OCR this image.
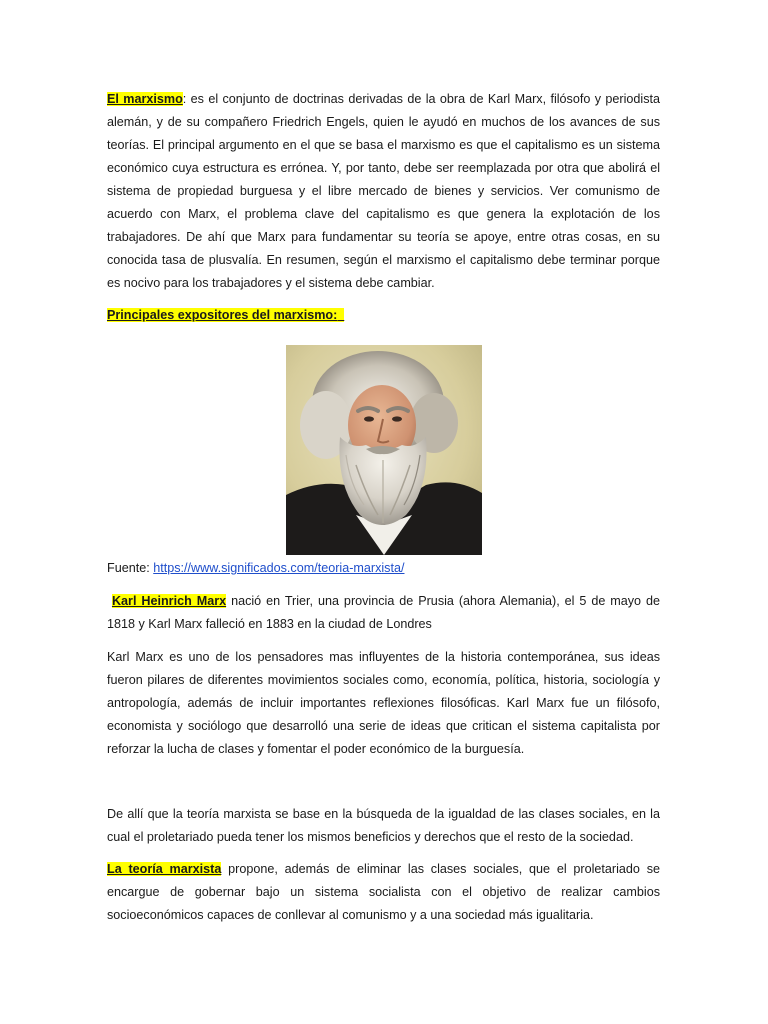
El marxismo: es el conjunto de doctrinas derivadas de la obra de Karl Marx, filósofo y periodista alemán, y de su compañero Friedrich Engels, quien le ayudó en muchos de los avances de sus teorías. El principal argumento en el que se basa el marxismo es que el capitalismo es un sistema económico cuya estructura es errónea. Y, por tanto, debe ser reemplazada por otra que abolirá el sistema de propiedad burguesa y el libre mercado de bienes y servicios. Ver comunismo de acuerdo con Marx, el problema clave del capitalismo es que genera la explotación de los trabajadores. De ahí que Marx para fundamentar su teoría se apoye, entre otras cosas, en su conocida tasa de plusvalía. En resumen, según el marxismo el capitalismo debe terminar porque es nocivo para los trabajadores y el sistema debe cambiar.

Principales expositores del marxismo:

Fuente: https://www.significados.com/teoria-marxista/

Karl Heinrich Marx nació en Trier, una provincia de Prusia (ahora Alemania), el 5 de mayo de 1818 y Karl Marx falleció en 1883 en la ciudad de Londres

Karl Marx es uno de los pensadores mas influyentes de la historia contemporánea, sus ideas fueron pilares de diferentes movimientos sociales como, economía, política, historia, sociología y antropología, además de incluir importantes reflexiones filosóficas. Karl Marx fue un filósofo, economista y sociólogo que desarrolló una serie de ideas que critican el sistema capitalista por reforzar la lucha de clases y fomentar el poder económico de la burguesía.

De allí que la teoría marxista se base en la búsqueda de la igualdad de las clases sociales, en la cual el proletariado pueda tener los mismos beneficios y derechos que el resto de la sociedad.

La teoría marxista propone, además de eliminar las clases sociales, que el proletariado se encargue de gobernar bajo un sistema socialista con el objetivo de realizar cambios socioeconómicos capaces de conllevar al comunismo y a una sociedad más igualitaria.
